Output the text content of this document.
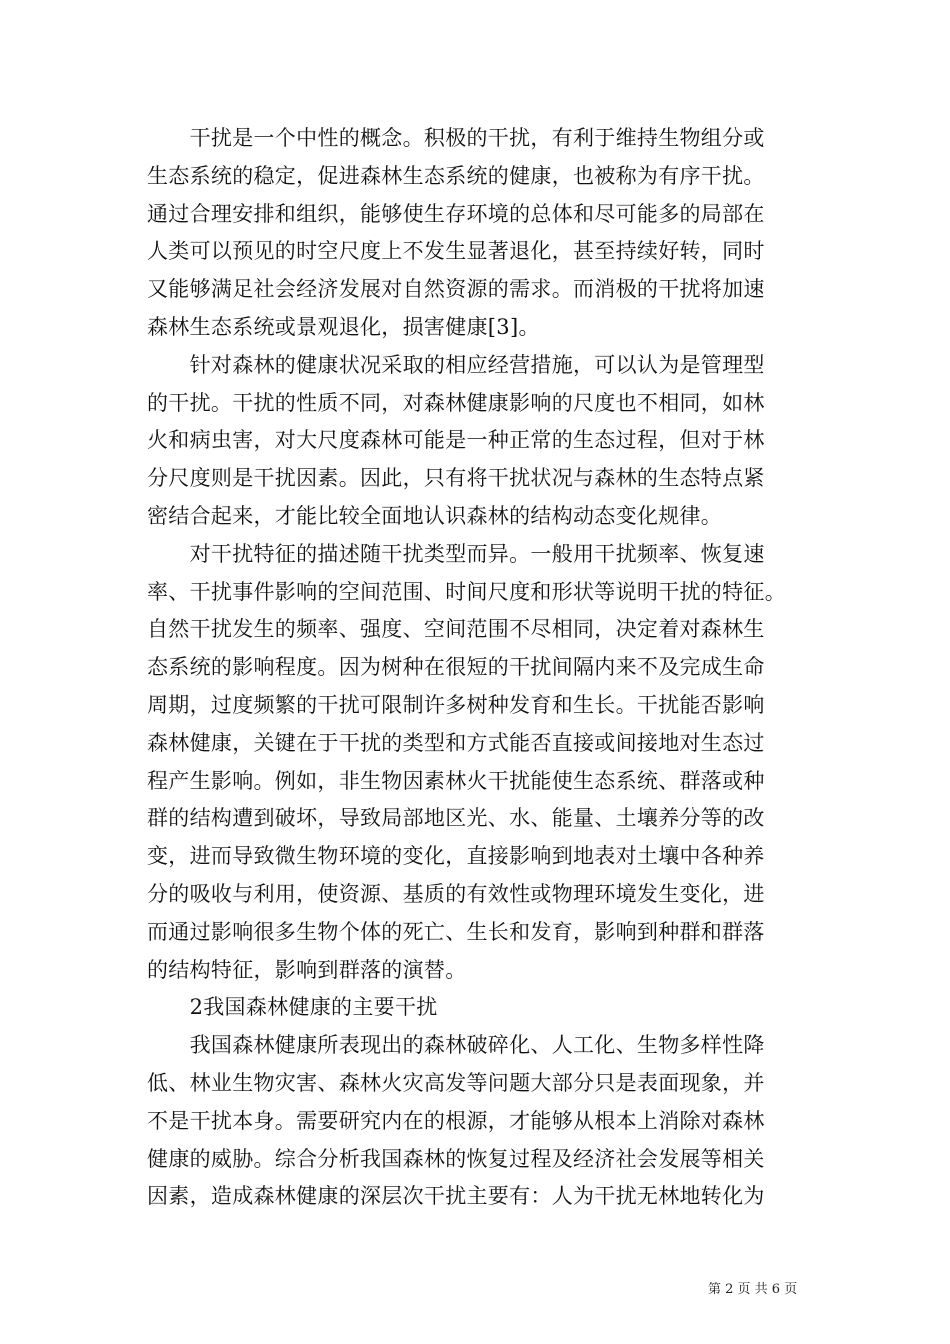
　　干扰是一个中性的概念。积极的干扰，有利于维持生物组分或
生态系统的稳定，促进森林生态系统的健康，也被称为有序干扰。
通过合理安排和组织，能够使生存环境的总体和尽可能多的局部在
人类可以预见的时空尺度上不发生显著退化，甚至持续好转，同时
又能够满足社会经济发展对自然资源的需求。而消极的干扰将加速
森林生态系统或景观退化，损害健康[3]。
　　针对森林的健康状况采取的相应经营措施，可以认为是管理型
的干扰。干扰的性质不同，对森林健康影响的尺度也不相同，如林
火和病虫害，对大尺度森林可能是一种正常的生态过程，但对于林
分尺度则是干扰因素。因此，只有将干扰状况与森林的生态特点紧
密结合起来，才能比较全面地认识森林的结构动态变化规律。
　　对干扰特征的描述随干扰类型而异。一般用干扰频率、恢复速
率、干扰事件影响的空间范围、时间尺度和形状等说明干扰的特征。
自然干扰发生的频率、强度、空间范围不尽相同，决定着对森林生
态系统的影响程度。因为树种在很短的干扰间隔内来不及完成生命
周期，过度频繁的干扰可限制许多树种发育和生长。干扰能否影响
森林健康，关键在于干扰的类型和方式能否直接或间接地对生态过
程产生影响。例如，非生物因素林火干扰能使生态系统、群落或种
群的结构遭到破坏，导致局部地区光、水、能量、土壤养分等的改
变，进而导致微生物环境的变化，直接影响到地表对土壤中各种养
分的吸收与利用，使资源、基质的有效性或物理环境发生变化，进
而通过影响很多生物个体的死亡、生长和发育，影响到种群和群落
的结构特征，影响到群落的演替。
　　2我国森林健康的主要干扰
　　我国森林健康所表现出的森林破碎化、人工化、生物多样性降
低、林业生物灾害、森林火灾高发等问题大部分只是表面现象，并
不是干扰本身。需要研究内在的根源，才能够从根本上消除对森林
健康的威胁。综合分析我国森林的恢复过程及经济社会发展等相关
因素，造成森林健康的深层次干扰主要有：人为干扰无林地转化为
第 2 页 共 6 页
